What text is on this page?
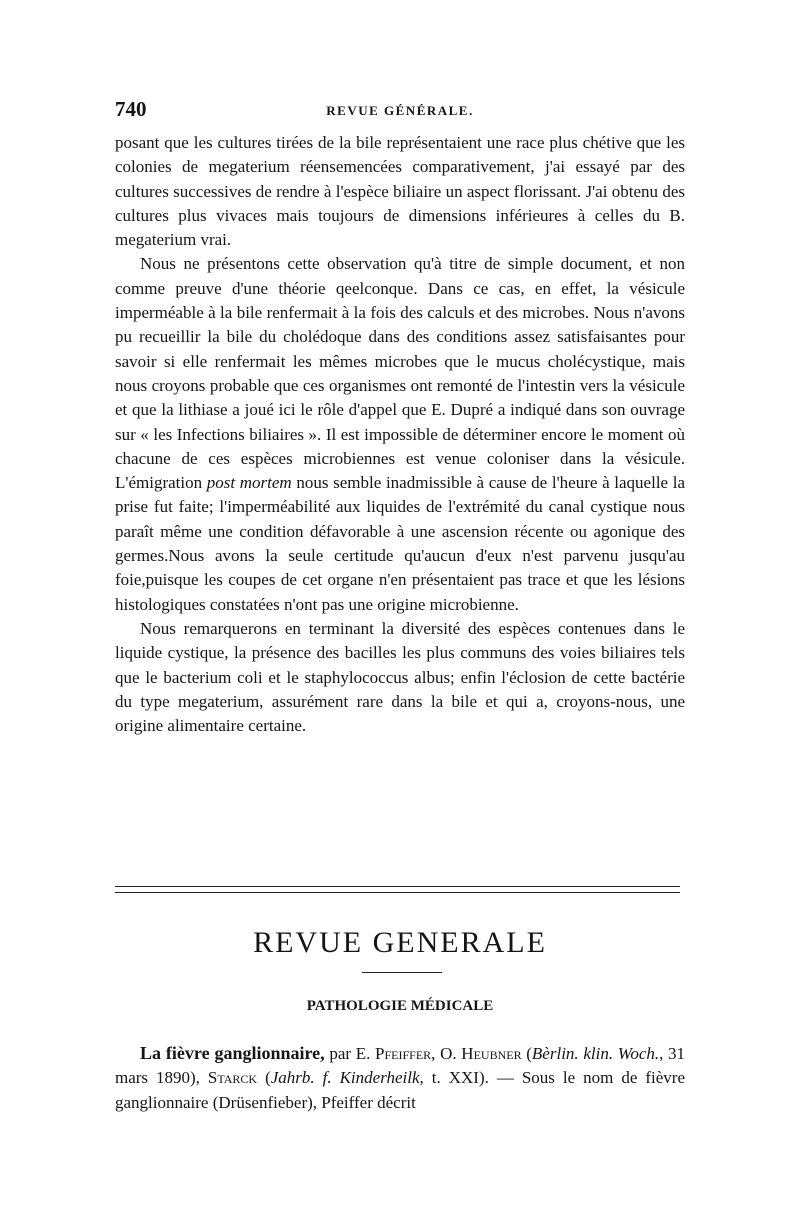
740	REVUE GÉNÉRALE.

posant que les cultures tirées de la bile représentaient une race plus chétive que les colonies de megaterium réensemencées comparativement, j'ai essayé par des cultures successives de rendre à l'espèce biliaire un aspect florissant. J'ai obtenu des cultures plus vivaces mais toujours de dimensions inférieures à celles du B. megaterium vrai.

Nous ne présentons cette observation qu'à titre de simple document, et non comme preuve d'une théorie qeelconque. Dans ce cas, en effet, la vésicule imperméable à la bile renfermait à la fois des calculs et des microbes. Nous n'avons pu recueillir la bile du cholédoque dans des conditions assez satisfaisantes pour savoir si elle renfermait les mêmes microbes que le mucus cholécystique, mais nous croyons probable que ces organismes ont remonté de l'intestin vers la vésicule et que la lithiase a joué ici le rôle d'appel que E. Dupré a indiqué dans son ouvrage sur « les Infections biliaires ». Il est impossible de déterminer encore le moment où chacune de ces espèces microbiennes est venue coloniser dans la vésicule. L'émigration post mortem nous semble inadmissible à cause de l'heure à laquelle la prise fut faite; l'imperméabilité aux liquides de l'extrémité du canal cystique nous paraît même une condition défavorable à une ascension récente ou agonique des germes.Nous avons la seule certitude qu'aucun d'eux n'est parvenu jusqu'au foie,puisque les coupes de cet organe n'en présentaient pas trace et que les lésions histologiques constatées n'ont pas une origine microbienne.

Nous remarquerons en terminant la diversité des espèces contenues dans le liquide cystique, la présence des bacilles les plus communs des voies biliaires tels que le bacterium coli et le staphylococcus albus; enfin l'éclosion de cette bactérie du type megaterium, assurément rare dans la bile et qui a, croyons-nous, une origine alimentaire certaine.

REVUE GENERALE
PATHOLOGIE MÉDICALE

La fièvre ganglionnaire, par E. Pfeiffer, O. Heubner (Bèrlin. klin. Woch., 31 mars 1890), Starck (Jahrb. f. Kinderheilk, t. XXI). — Sous le nom de fièvre ganglionnaire (Drüsenfieber), Pfeiffer décrit
